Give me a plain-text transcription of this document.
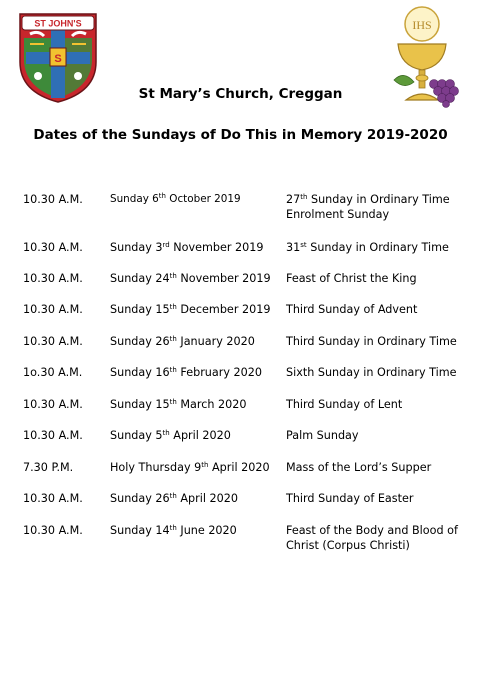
S
ST JOHN'S	IHS
St Mary’s Church, Creggan
Dates of the Sundays of Do This in Memory 2019-2020
10.30 A.M.	Sunday 6th October 2019	27th Sunday in Ordinary Time
Enrolment Sunday
10.30 A.M. Sunday 3rd November 2019 31st Sunday in Ordinary Time
10.30 A.M. Sunday 24th November 2019 Feast of Christ the King
10.30 A.M. Sunday 15th December 2019 Third Sunday of Advent
10.30 A.M. Sunday 26th January 2020	Third Sunday in Ordinary Time
1o.30 A.M. Sunday 16th February 2020 Sixth Sunday in Ordinary Time
10.30 A.M. Sunday 15th March 2020	Third Sunday of Lent
10.30 A.M. Sunday 5th April 2020	Palm Sunday
7.30 P.M.	Holy Thursday 9th April 2020 Mass of the Lord’s Supper
10.30 A.M. Sunday 26th April 2020	Third Sunday of Easter
10.30 A.M. Sunday 14th June 2020	Feast of the Body and Blood of Christ (Corpus Christi)
